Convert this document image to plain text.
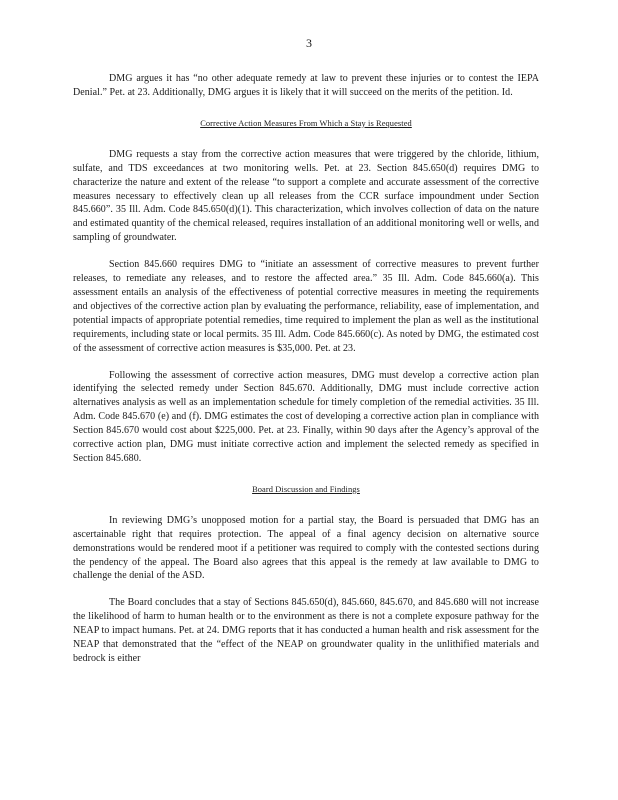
3

DMG argues it has “no other adequate remedy at law to prevent these injuries or to contest the IEPA Denial.” Pet. at 23. Additionally, DMG argues it is likely that it will succeed on the merits of the petition. Id.

Corrective Action Measures From Which a Stay is Requested

DMG requests a stay from the corrective action measures that were triggered by the chloride, lithium, sulfate, and TDS exceedances at two monitoring wells. Pet. at 23. Section 845.650(d) requires DMG to characterize the nature and extent of the release “to support a complete and accurate assessment of the corrective measures necessary to effectively clean up all releases from the CCR surface impoundment under Section 845.660”. 35 Ill. Adm. Code 845.650(d)(1). This characterization, which involves collection of data on the nature and estimated quantity of the chemical released, requires installation of an additional monitoring well or wells, and sampling of groundwater.

Section 845.660 requires DMG to “initiate an assessment of corrective measures to prevent further releases, to remediate any releases, and to restore the affected area.” 35 Ill. Adm. Code 845.660(a). This assessment entails an analysis of the effectiveness of potential corrective measures in meeting the requirements and objectives of the corrective action plan by evaluating the performance, reliability, ease of implementation, and potential impacts of appropriate potential remedies, time required to implement the plan as well as the institutional requirements, including state or local permits. 35 Ill. Adm. Code 845.660(c). As noted by DMG, the estimated cost of the assessment of corrective action measures is $35,000. Pet. at 23.

Following the assessment of corrective action measures, DMG must develop a corrective action plan identifying the selected remedy under Section 845.670. Additionally, DMG must include corrective action alternatives analysis as well as an implementation schedule for timely completion of the remedial activities. 35 Ill. Adm. Code 845.670 (e) and (f). DMG estimates the cost of developing a corrective action plan in compliance with Section 845.670 would cost about $225,000. Pet. at 23. Finally, within 90 days after the Agency’s approval of the corrective action plan, DMG must initiate corrective action and implement the selected remedy as specified in Section 845.680.

Board Discussion and Findings

In reviewing DMG’s unopposed motion for a partial stay, the Board is persuaded that DMG has an ascertainable right that requires protection. The appeal of a final agency decision on alternative source demonstrations would be rendered moot if a petitioner was required to comply with the contested sections during the pendency of the appeal. The Board also agrees that this appeal is the remedy at law available to DMG to challenge the denial of the ASD.

The Board concludes that a stay of Sections 845.650(d), 845.660, 845.670, and 845.680 will not increase the likelihood of harm to human health or to the environment as there is not a complete exposure pathway for the NEAP to impact humans. Pet. at 24. DMG reports that it has conducted a human health and risk assessment for the NEAP that demonstrated that the “effect of the NEAP on groundwater quality in the unlithified materials and bedrock is either
